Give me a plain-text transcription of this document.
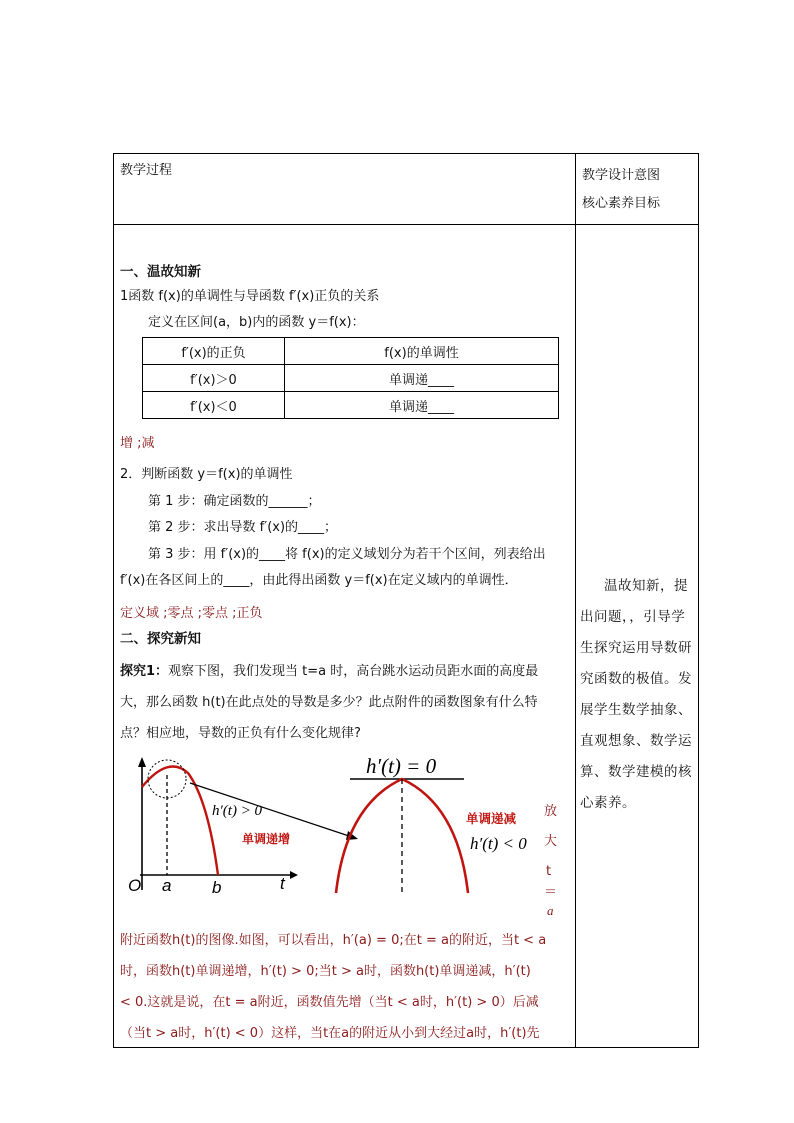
教学过程	教学设计意图
核心素养目标

一、温故知新
1函数 f(x)的单调性与导函数 f′(x)正负的关系
定义在区间(a，b)内的函数 y＝f(x)：
f′(x)的正负	f(x)的单调性
f′(x)＞0	单调递____
f′(x)＜0	单调递____
增 ;减
2．判断函数 y＝f(x)的单调性
第 1 步：确定函数的______；
第 2 步：求出导数 f′(x)的____；
第 3 步：用 f′(x)的____将 f(x)的定义域划分为若干个区间，列表给出
f′(x)在各区间上的____，由此得出函数 y＝f(x)在定义域内的单调性．
定义域 ;零点 ;零点 ;正负
二、探究新知
探究1：观察下图，我们发现当 t=a 时，高台跳水运动员距水面的高度最
大，那么函数 h(t)在此点处的导数是多少？此点附件的函数图象有什么特
点？相应地，导数的正负有什么变化规律?
h′(t) > 0
单调递增
O a b	t
h′(t) = 0
单调递减
h′(t) < 0
放
大
t
＝
a
附近函数h(t)的图像.如图，可以看出，h′(a) = 0;在t = a的附近，当t < a
时，函数h(t)单调递增，h′(t) > 0;当t > a时，函数h(t)单调递减，h′(t)
< 0.这就是说，在t = a附近，函数值先增（当t < a时，h′(t) > 0）后减
（当t > a时，h′(t) < 0）这样，当t在a的附近从小到大经过a时，h′(t)先

温故知新，提出问题，，引导学生探究运用导数研究函数的极值。发展学生数学抽象、直观想象、数学运算、数学建模的核心素养。
